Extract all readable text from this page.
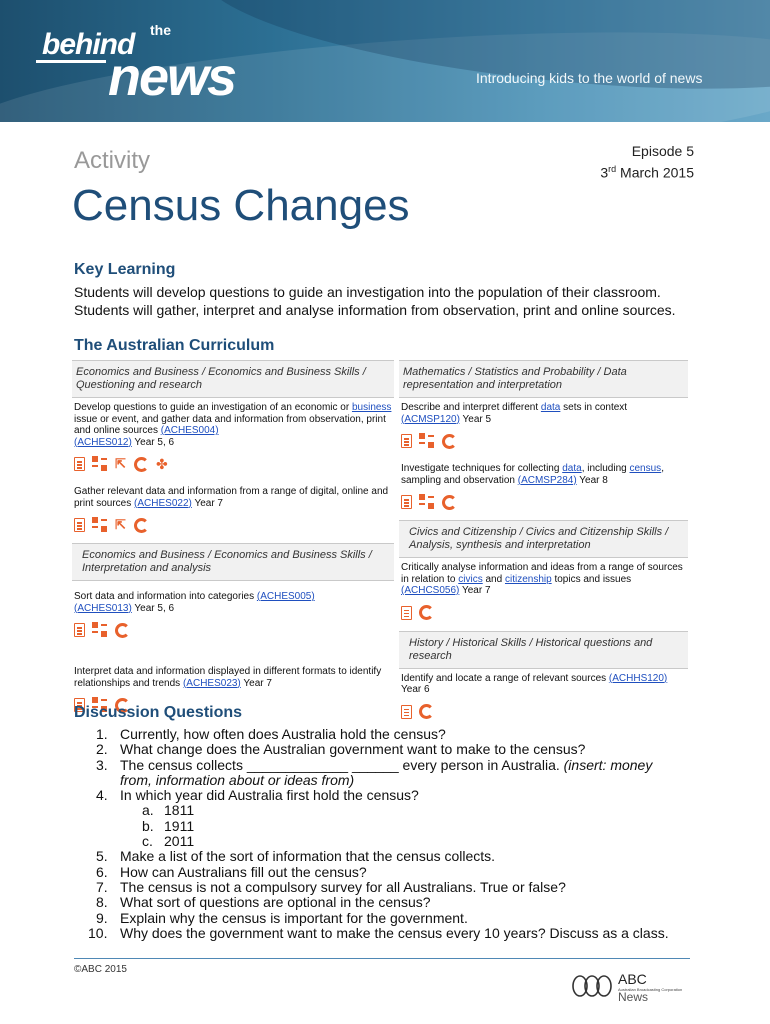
behind the
news	Introducing kids to the world of news
Activity	Episode 5
3rd March 2015
Census Changes
Key Learning
Students will develop questions to guide an investigation into the population of their classroom.
Students will gather, interpret and analyse information from observation, print and online sources.
The Australian Curriculum
Economics and Business / Economics and Business Skills / Questioning and research
Develop questions to guide an investigation of an economic or business issue or event, and gather data and information from observation, print and online sources (ACHES004)
(ACHES012) Year 5, 6
⇱ ✤
Gather relevant data and information from a range of digital, online and print sources (ACHES022) Year 7
⇱
Economics and Business / Economics and Business Skills / Interpretation and analysis
Sort data and information into categories (ACHES005)
(ACHES013) Year 5, 6
Interpret data and information displayed in different formats to identify relationships and trends (ACHES023) Year 7
Mathematics / Statistics and Probability / Data representation and interpretation
Describe and interpret different data sets in context (ACMSP120) Year 5
Investigate techniques for collecting data, including census, sampling and observation (ACMSP284) Year 8
Civics and Citizenship / Civics and Citizenship Skills / Analysis, synthesis and interpretation
Critically analyse information and ideas from a range of sources in relation to civics and citizenship topics and issues (ACHCS056) Year 7
History / Historical Skills / Historical questions and research
Identify and locate a range of relevant sources (ACHHS120)
Year 6
Discussion Questions
1. Currently, how often does Australia hold the census?
2. What change does the Australian government want to make to the census?
3. The census collects _____________ ______ every person in Australia. (insert: money
from, information about or ideas from)
4. In which year did Australia first hold the census?
a. 1811
b. 1911
c. 2011
5. Make a list of the sort of information that the census collects.
6. How can Australians fill out the census?
7. The census is not a compulsory survey for all Australians. True or false?
8. What sort of questions are optional in the census?
9. Explain why the census is important for the government.
10. Why does the government want to make the census every 10 years? Discuss as a class.
©ABC 2015
ABC
Australian Broadcasting Corporation
News
